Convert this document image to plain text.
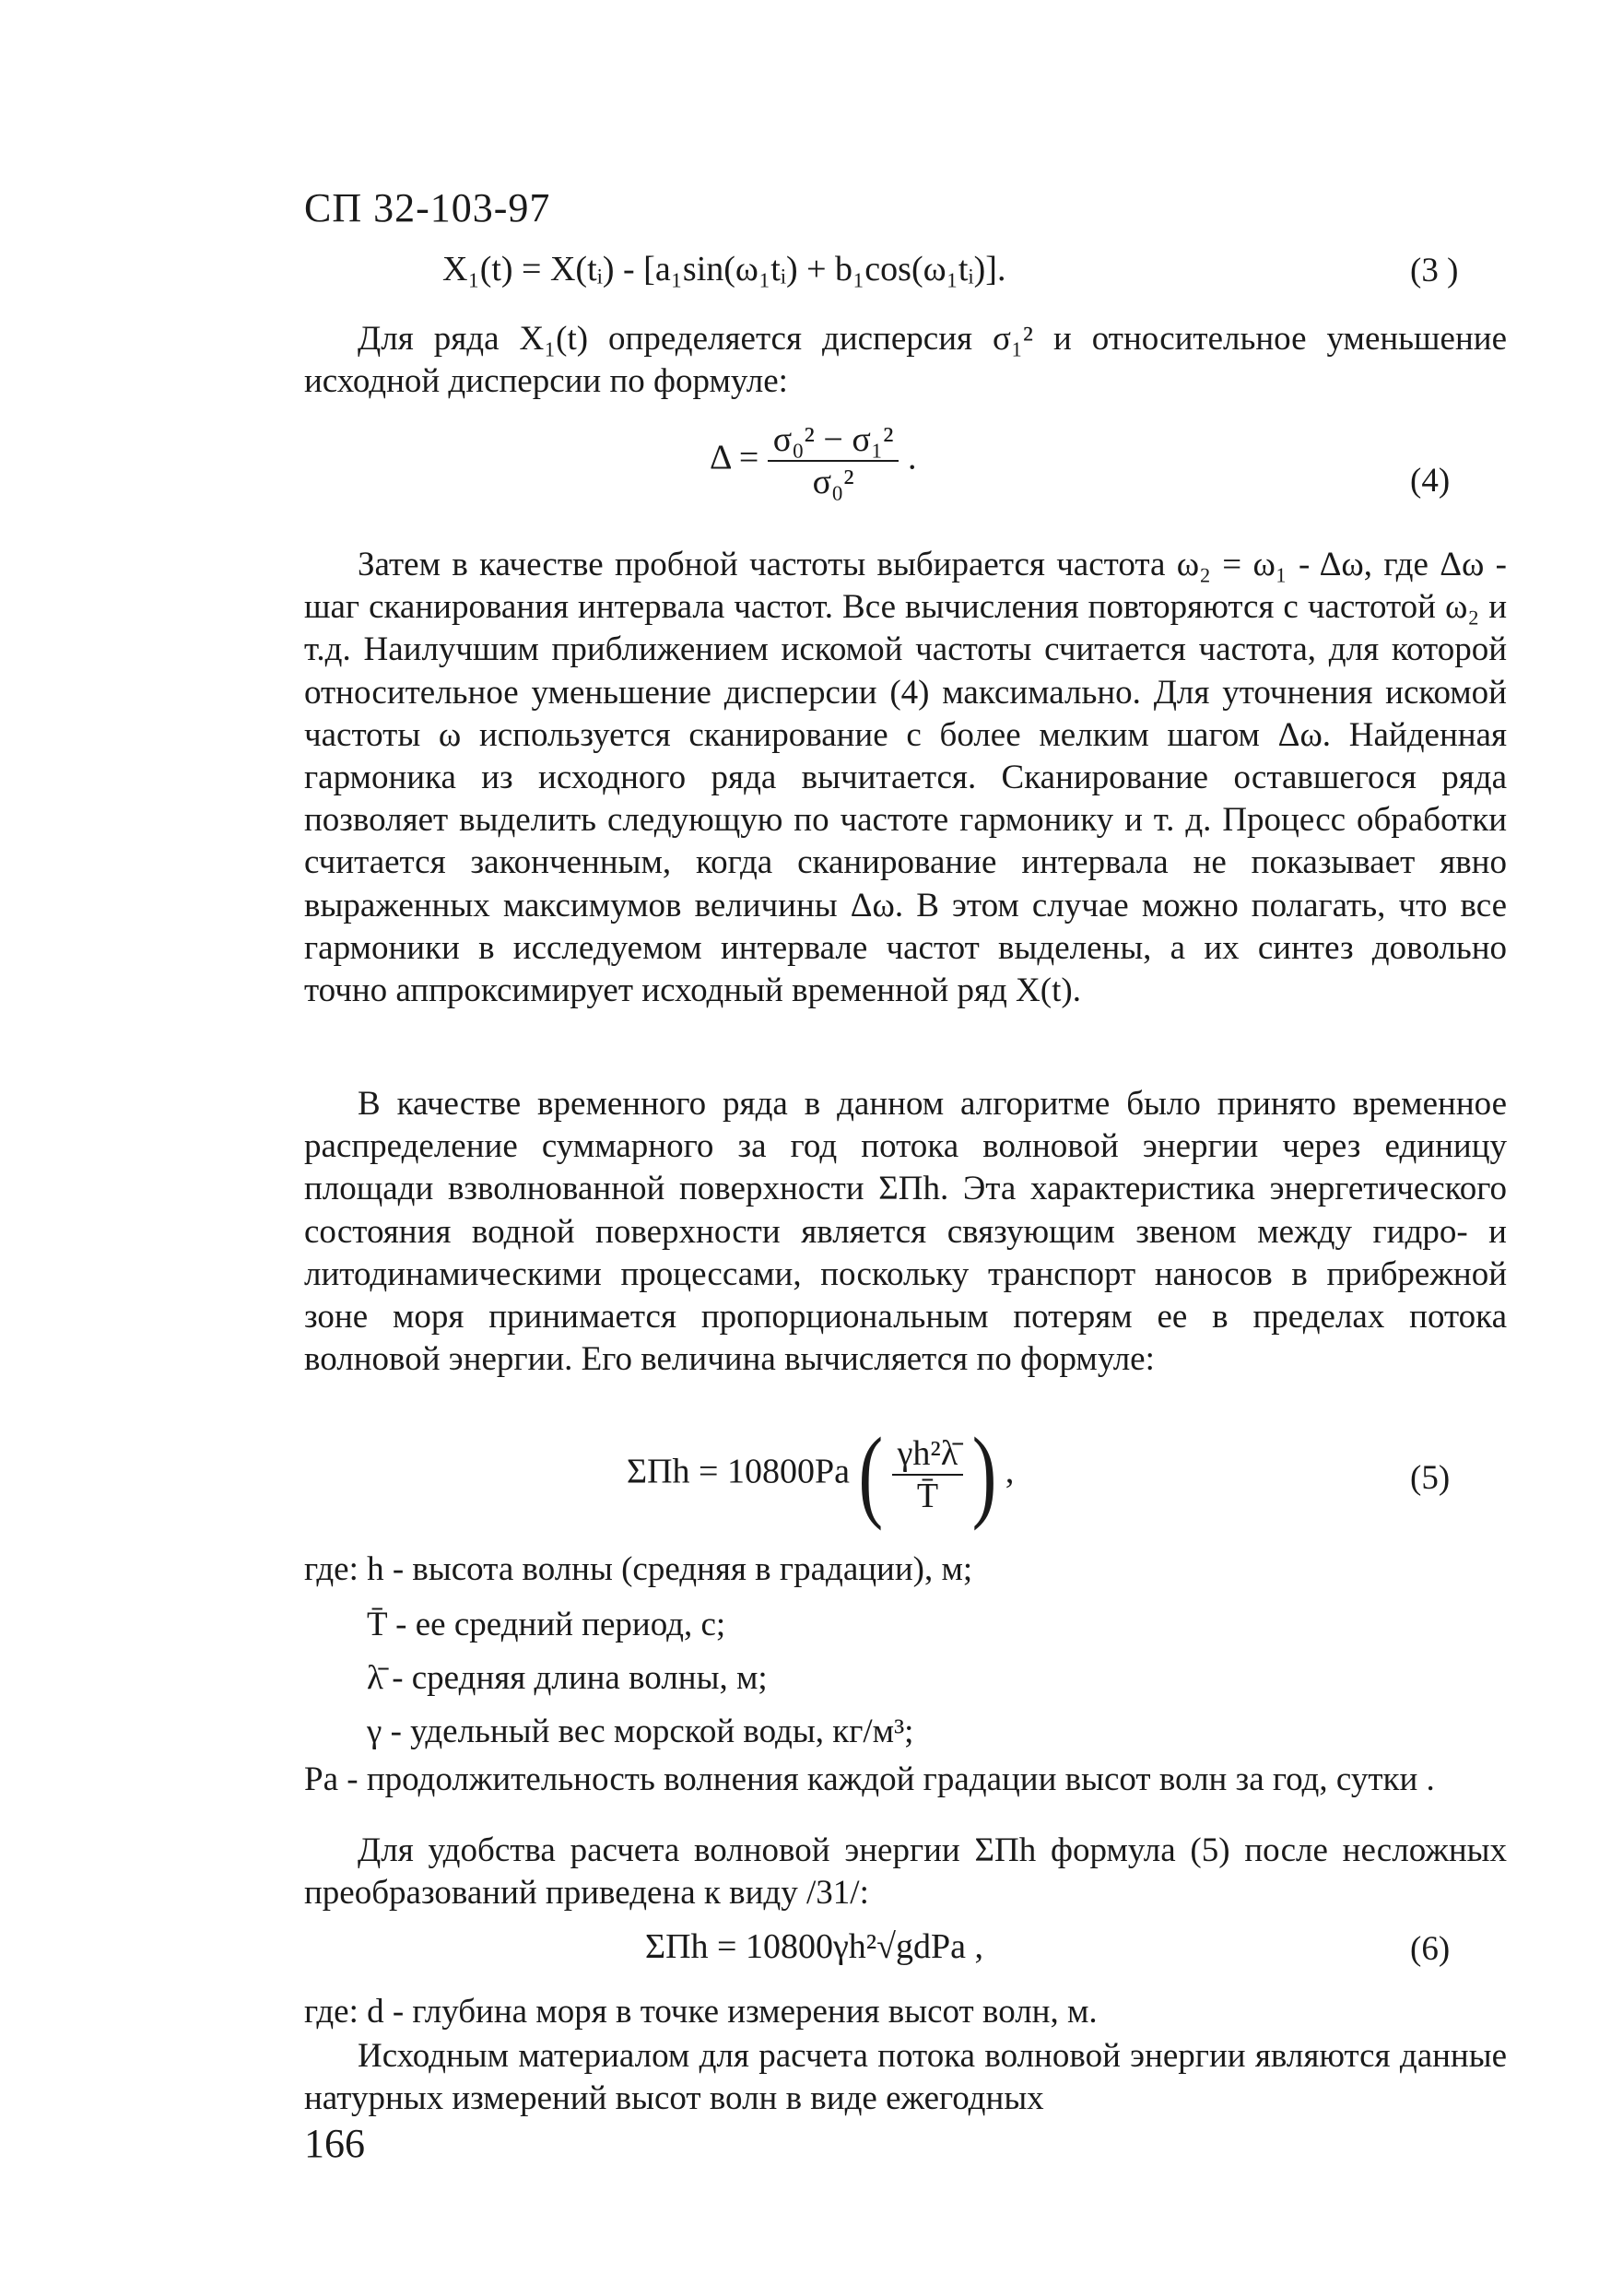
СП 32-103-97
X₁(t) = X(tᵢ) - [a₁sin(ω₁tᵢ) + b₁cos(ω₁tᵢ)].	(3 )
Для ряда X₁(t) определяется дисперсия σ₁² и относительное уменьшение исходной дисперсии по формуле:
$\Delta = \frac{\text{σ₀² − σ₁²}}{\text{σ₀²}}$ .
(4)
Затем в качестве пробной частоты выбирается частота ω₂ = ω₁ - Δω, где Δω - шаг сканирования интервала частот. Все вычисления повторяются с частотой ω₂ и т.д. Наилучшим приближением искомой частоты считается частота, для которой относительное уменьшение дисперсии (4) максимально. Для уточнения искомой частоты ω используется сканирование с более мелким шагом Δω. Найденная гармоника из исходного ряда вычитается. Сканирование оставшегося ряда позволяет выделить следующую по частоте гармонику и т. д. Процесс обработки считается законченным, когда сканирование интервала не показывает явно выраженных максимумов величины Δω. В этом случае можно полагать, что все гармоники в исследуемом интервале частот выделены, а их синтез довольно точно аппроксимирует исходный временной ряд X(t).
В качестве временного ряда в данном алгоритме было принято временное распределение суммарного за год потока волновой энергии через единицу площади взволнованной поверхности ΣПh. Эта характеристика энергетического состояния водной поверхности является связующим звеном между гидро- и литодинамическими процессами, поскольку транспорт наносов в прибрежной зоне моря принимается пропорциональным потерям ее в пределах потока волновой энергии. Его величина вычисляется по формуле:
ΣПh = 10800Pa ( $\frac{\text{γh²λ̄}}{T̄}$ ) ,	(5)
где: h - высота волны (средняя в градации), м;
T̄ - ее средний период, с;
λ̄ - средняя длина волны, м;
γ - удельный вес морской воды, кг/м³;
Pa - продолжительность волнения каждой градации высот волн за год, сутки .
Для удобства расчета волновой энергии ΣПh формула (5) после несложных преобразований приведена к виду /31/:
ΣПh = 10800γh²√gdPa ,	(6)
где: d - глубина моря в точке измерения высот волн, м.
Исходным материалом для расчета потока волновой энергии являются данные натурных измерений высот волн в виде ежегодных
166
